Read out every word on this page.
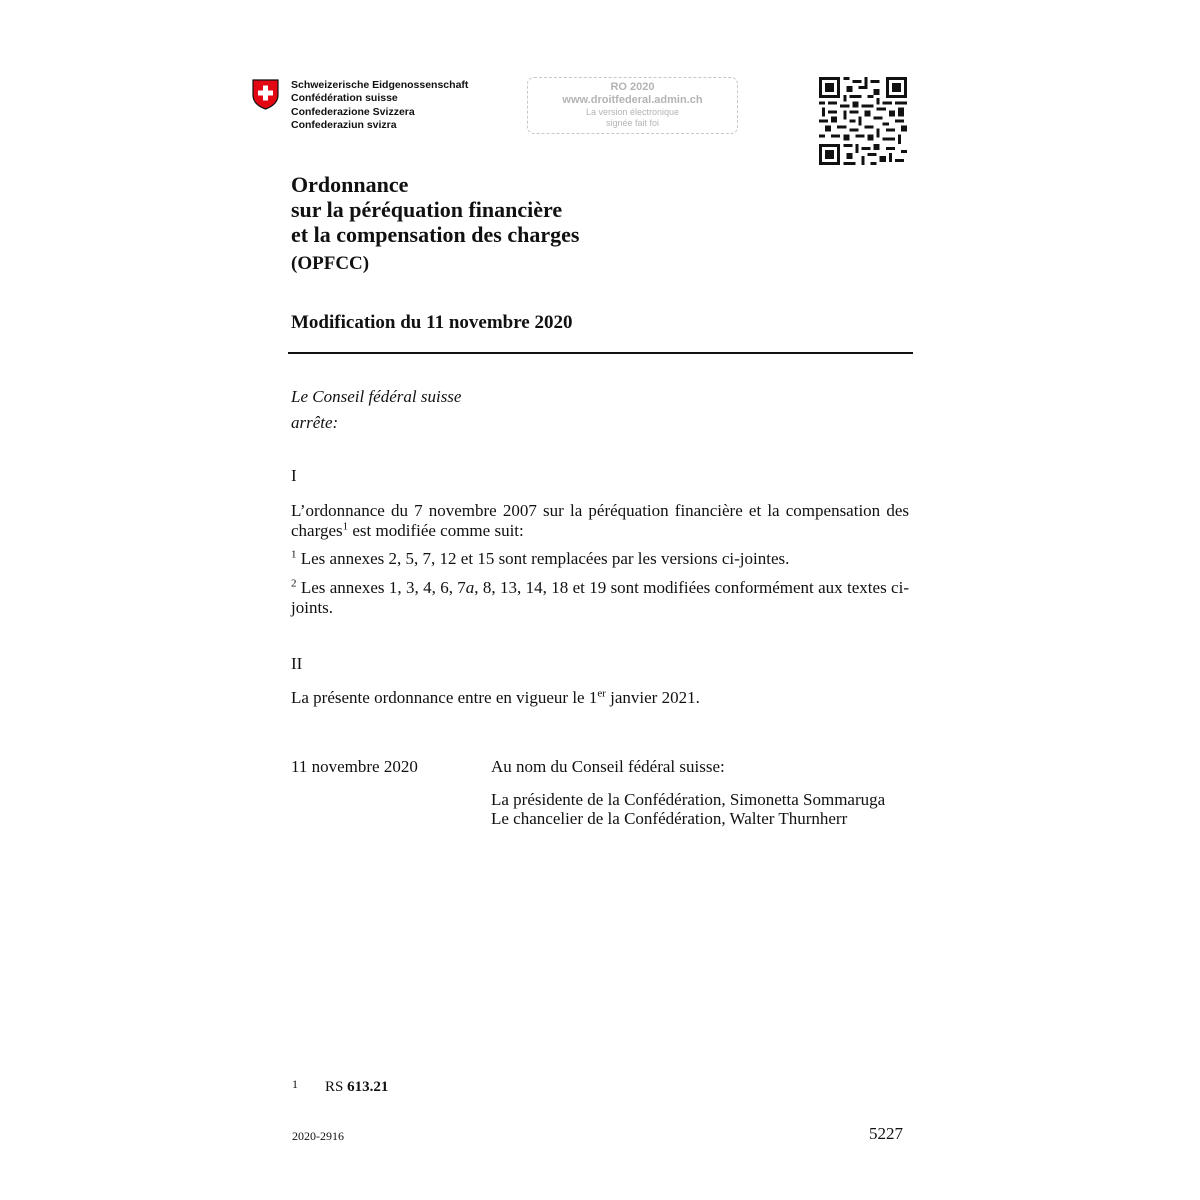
Schweizerische Eidgenossenschaft
Confédération suisse
Confederazione Svizzera
Confederaziun svizra
RO 2020
www.droitfederal.admin.ch
La version électronique
signée fait foi
Ordonnance
sur la péréquation financière
et la compensation des charges
(OPFCC)
Modification du 11 novembre 2020
Le Conseil fédéral suisse
arrête:
I
L’ordonnance du 7 novembre 2007 sur la péréquation financière et la compensation des charges$^1$ est modifiée comme suit:
$^1$ Les annexes 2, 5, 7, 12 et 15 sont remplacées par les versions ci-jointes.
$^2$ Les annexes 1, 3, 4, 6, 7a, 8, 13, 14, 18 et 19 sont modifiées conformément aux textes ci-joints.
II
La présente ordonnance entre en vigueur le 1er janvier 2021.
11 novembre 2020	Au nom du Conseil fédéral suisse:
La présidente de la Confédération, Simonetta Sommaruga
Le chancelier de la Confédération, Walter Thurnherr
1 RS 613.21
2020-2916	5227
